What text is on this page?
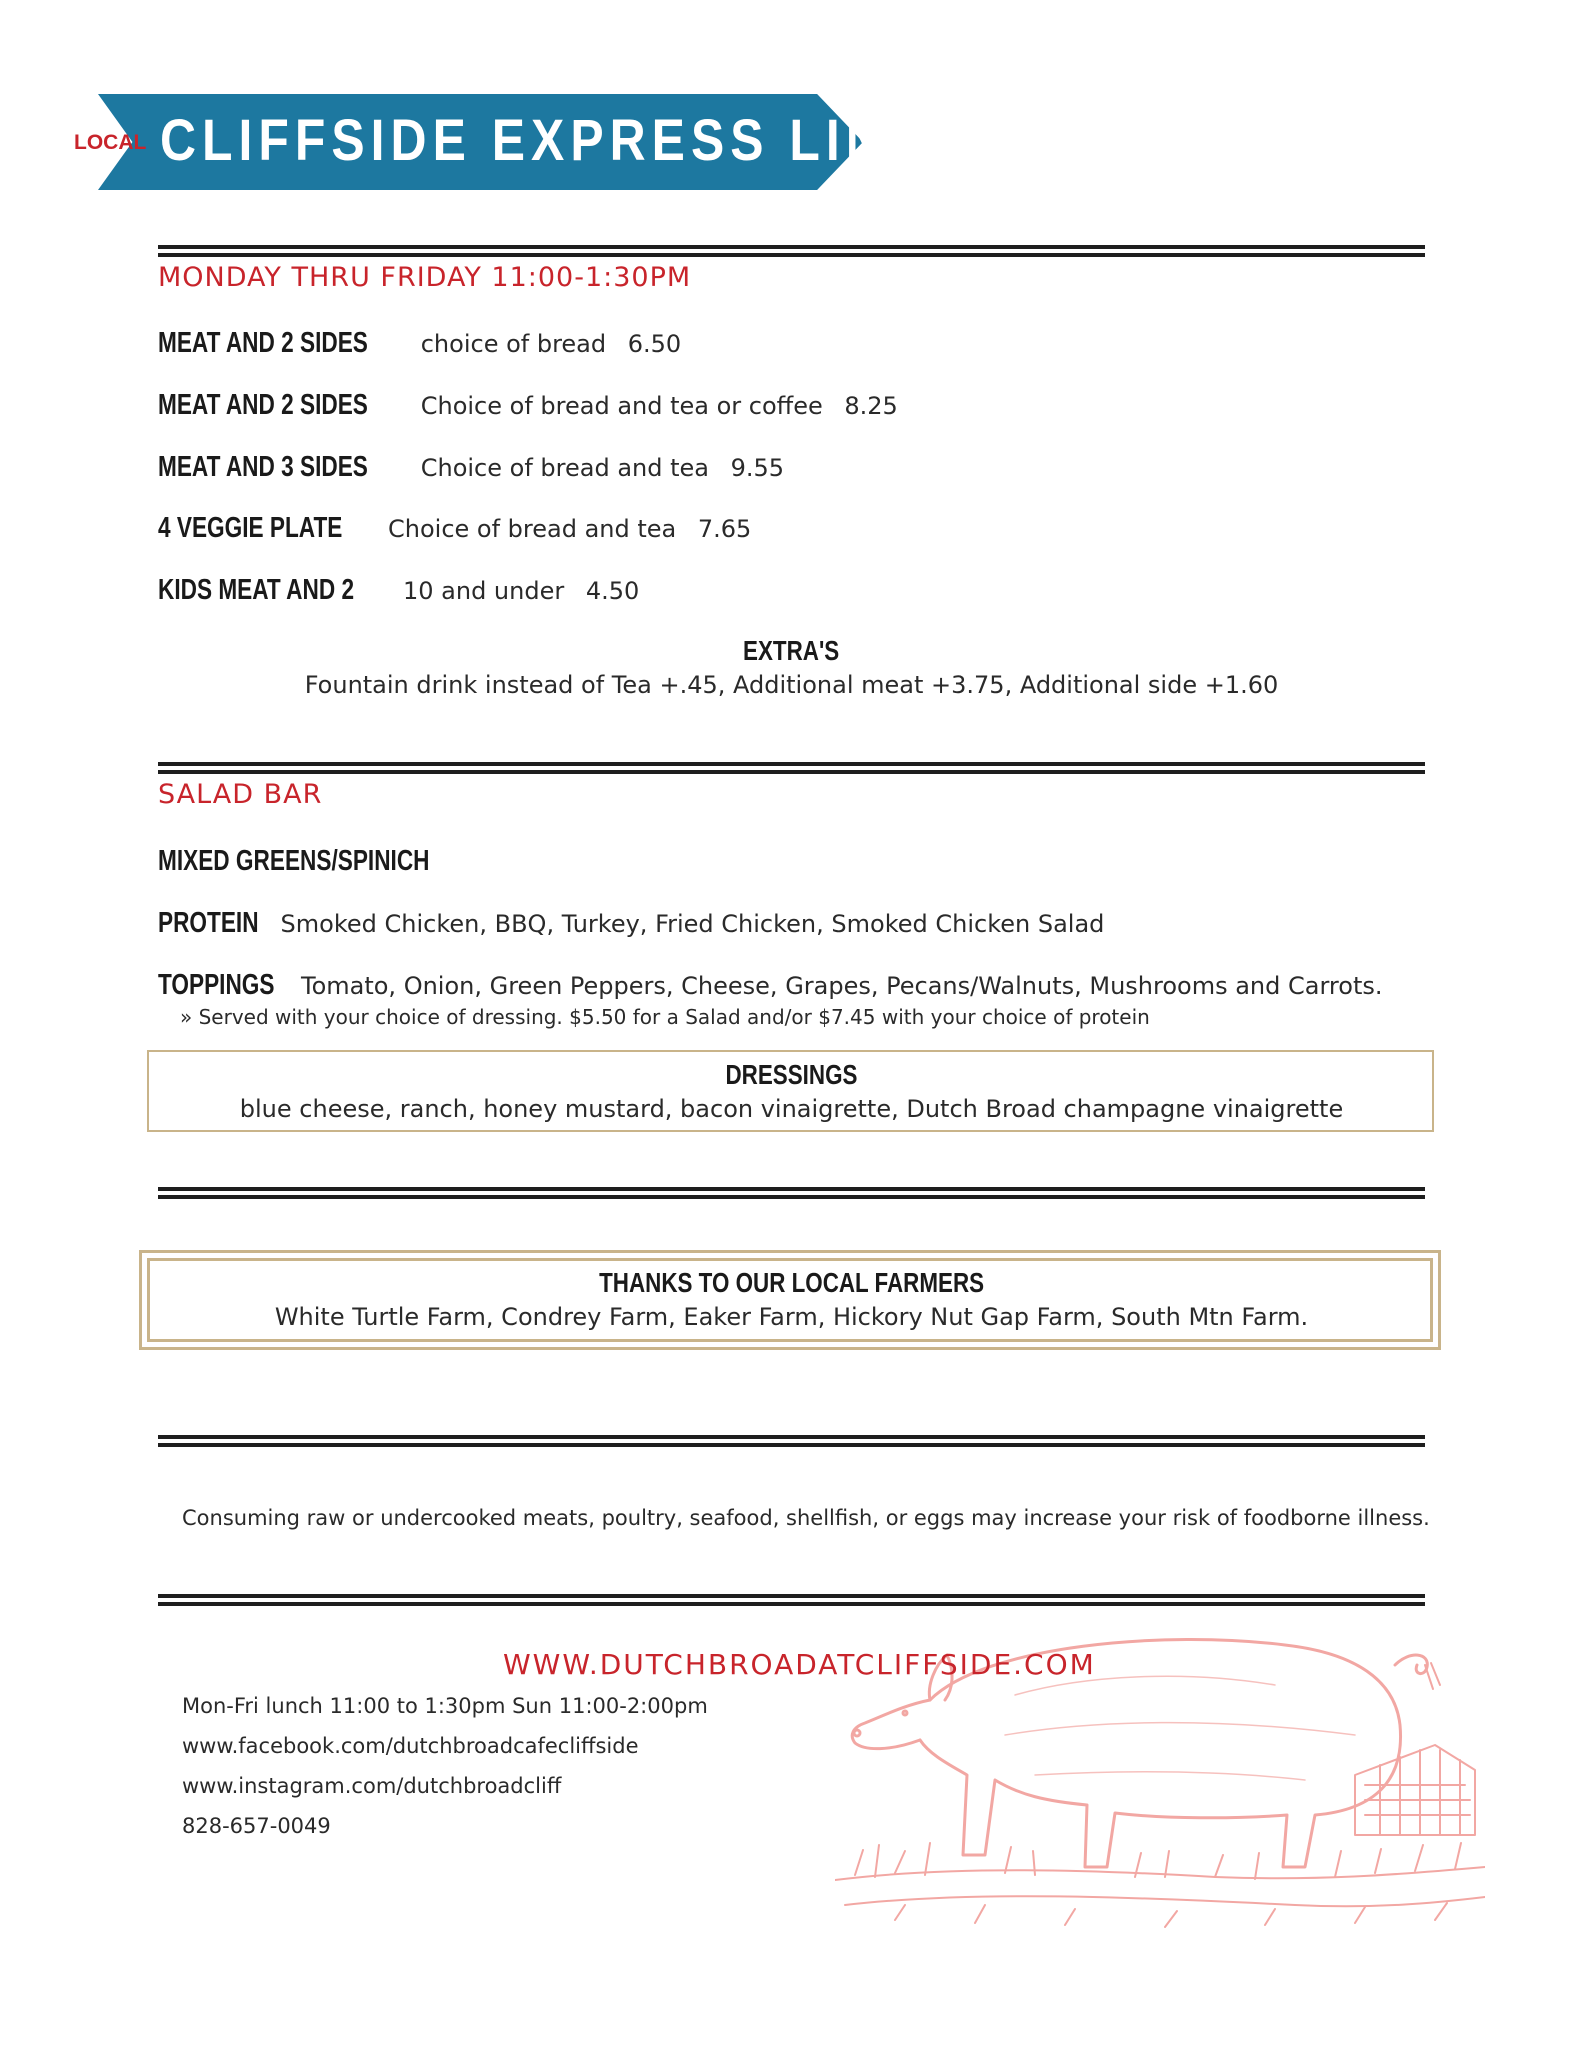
LOCAL CLIFFSIDE EXPRESS LINE
MONDAY THRU FRIDAY 11:00-1:30PM
MEAT AND 2 SIDES choice of bread 6.50
MEAT AND 2 SIDES Choice of bread and tea or coffee 8.25
MEAT AND 3 SIDES Choice of bread and tea 9.55
4 VEGGIE PLATE Choice of bread and tea 7.65
KIDS MEAT AND 2 10 and under 4.50
EXTRA'S
Fountain drink instead of Tea +.45, Additional meat +3.75, Additional side +1.60
SALAD BAR
MIXED GREENS/SPINICH
PROTEIN Smoked Chicken, BBQ, Turkey, Fried Chicken, Smoked Chicken Salad
TOPPINGS Tomato, Onion, Green Peppers, Cheese, Grapes, Pecans/Walnuts, Mushrooms and Carrots.
» Served with your choice of dressing. $5.50 for a Salad and/or $7.45 with your choice of protein
DRESSINGS
blue cheese, ranch, honey mustard, bacon vinaigrette, Dutch Broad champagne vinaigrette
THANKS TO OUR LOCAL FARMERS
White Turtle Farm, Condrey Farm, Eaker Farm, Hickory Nut Gap Farm, South Mtn Farm.
Consuming raw or undercooked meats, poultry, seafood, shellfish, or eggs may increase your risk of foodborne illness.
WWW.DUTCHBROADATCLIFFSIDE.COM
Mon-Fri lunch 11:00 to 1:30pm Sun 11:00-2:00pm
www.facebook.com/dutchbroadcafecliffside
www.instagram.com/dutchbroadcliff
828-657-0049
